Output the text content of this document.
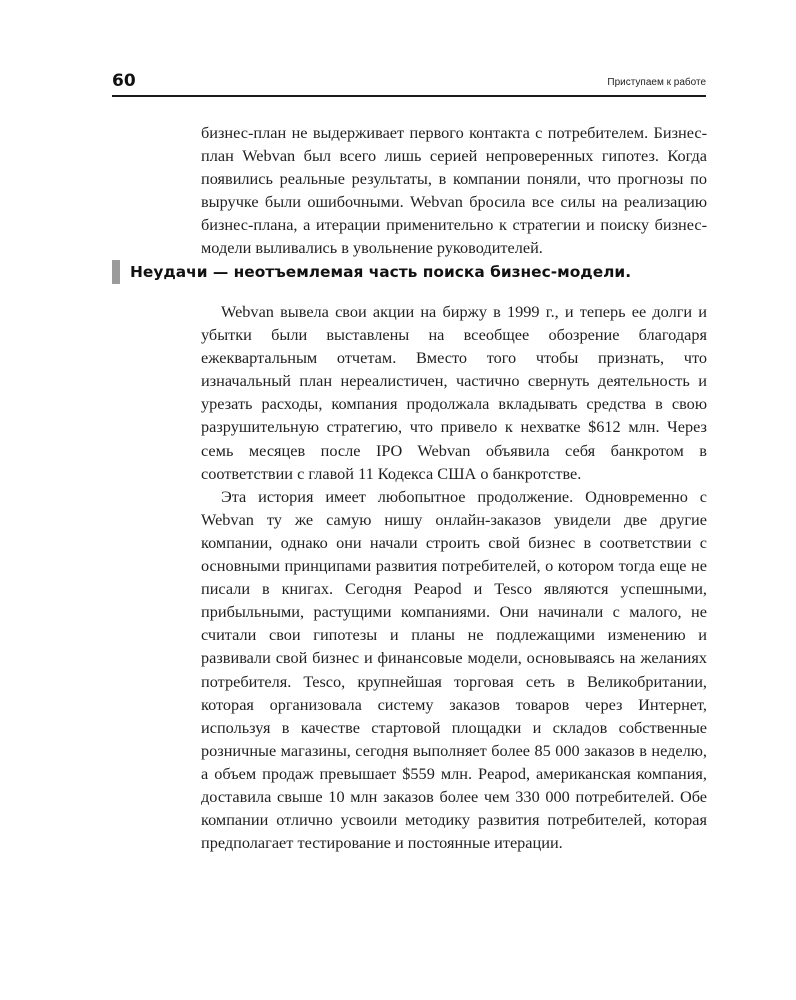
60	Приступаем к работе

бизнес-план не выдерживает первого контакта с потребителем. Бизнес-план Webvan был всего лишь серией непроверенных гипотез. Когда появились реальные результаты, в компании поняли, что прогнозы по выручке были ошибочными. Webvan бросила все силы на реализацию бизнес-плана, а итерации применительно к стратегии и поиску бизнес-модели выливались в увольнение руководителей.

Неудачи — неотъемлемая часть поиска бизнес-модели.

Webvan вывела свои акции на биржу в 1999 г., и теперь ее долги и убытки были выставлены на всеобщее обозрение благодаря ежеквартальным отчетам. Вместо того чтобы признать, что изначальный план нереалистичен, частично свернуть деятельность и урезать расходы, компания продолжала вкладывать средства в свою разрушительную стратегию, что привело к нехватке $612 млн. Через семь месяцев после IPO Webvan объявила себя банкротом в соответствии с главой 11 Кодекса США о банкротстве.

Эта история имеет любопытное продолжение. Одновременно с Webvan ту же самую нишу онлайн-заказов увидели две другие компании, однако они начали строить свой бизнес в соответствии с основными принципами развития потребителей, о котором тогда еще не писали в книгах. Сегодня Peapod и Tesco являются успешными, прибыльными, растущими компаниями. Они начинали с малого, не считали свои гипотезы и планы не подлежащими изменению и развивали свой бизнес и финансовые модели, основываясь на желаниях потребителя. Tesco, крупнейшая торговая сеть в Великобритании, которая организовала систему заказов товаров через Интернет, используя в качестве стартовой площадки и складов собственные розничные магазины, сегодня выполняет более 85 000 заказов в неделю, а объем продаж превышает $559 млн. Peapod, американская компания, доставила свыше 10 млн заказов более чем 330 000 потребителей. Обе компании отлично усвоили методику развития потребителей, которая предполагает тестирование и постоянные итерации.
